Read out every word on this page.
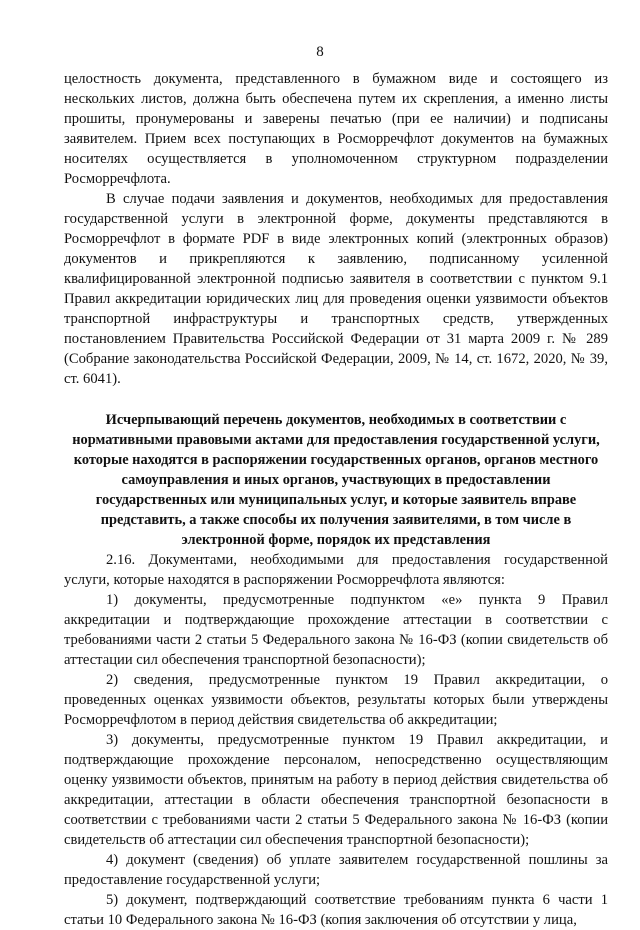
8

целостность документа, представленного в бумажном виде и состоящего из нескольких листов, должна быть обеспечена путем их скрепления, а именно листы прошиты, пронумерованы и заверены печатью (при ее наличии) и подписаны заявителем. Прием всех поступающих в Росморречфлот документов на бумажных носителях осуществляется в уполномоченном структурном подразделении Росморречфлота.

В случае подачи заявления и документов, необходимых для предоставления государственной услуги в электронной форме, документы представляются в Росморречфлот в формате PDF в виде электронных копий (электронных образов) документов и прикрепляются к заявлению, подписанному усиленной квалифицированной электронной подписью заявителя в соответствии с пунктом 9.1 Правил аккредитации юридических лиц для проведения оценки уязвимости объектов транспортной инфраструктуры и транспортных средств, утвержденных постановлением Правительства Российской Федерации от 31 марта 2009 г. № 289 (Собрание законодательства Российской Федерации, 2009, № 14, ст. 1672, 2020, № 39, ст. 6041).

Исчерпывающий перечень документов, необходимых в соответствии с нормативными правовыми актами для предоставления государственной услуги, которые находятся в распоряжении государственных органов, органов местного самоуправления и иных органов, участвующих в предоставлении государственных или муниципальных услуг, и которые заявитель вправе представить, а также способы их получения заявителями, в том числе в электронной форме, порядок их представления

2.16. Документами, необходимыми для предоставления государственной услуги, которые находятся в распоряжении Росморречфлота являются:

1) документы, предусмотренные подпунктом «е» пункта 9 Правил аккредитации и подтверждающие прохождение аттестации в соответствии с требованиями части 2 статьи 5 Федерального закона № 16-ФЗ (копии свидетельств об аттестации сил обеспечения транспортной безопасности);

2) сведения, предусмотренные пунктом 19 Правил аккредитации, о проведенных оценках уязвимости объектов, результаты которых были утверждены Росморречфлотом в период действия свидетельства об аккредитации;

3) документы, предусмотренные пунктом 19 Правил аккредитации, и подтверждающие прохождение персоналом, непосредственно осуществляющим оценку уязвимости объектов, принятым на работу в период действия свидетельства об аккредитации, аттестации в области обеспечения транспортной безопасности в соответствии с требованиями части 2 статьи 5 Федерального закона № 16-ФЗ (копии свидетельств об аттестации сил обеспечения транспортной безопасности);

4) документ (сведения) об уплате заявителем государственной пошлины за предоставление государственной услуги;

5) документ, подтверждающий соответствие требованиям пункта 6 части 1 статьи 10 Федерального закона № 16-ФЗ (копия заключения об отсутствии у лица,
